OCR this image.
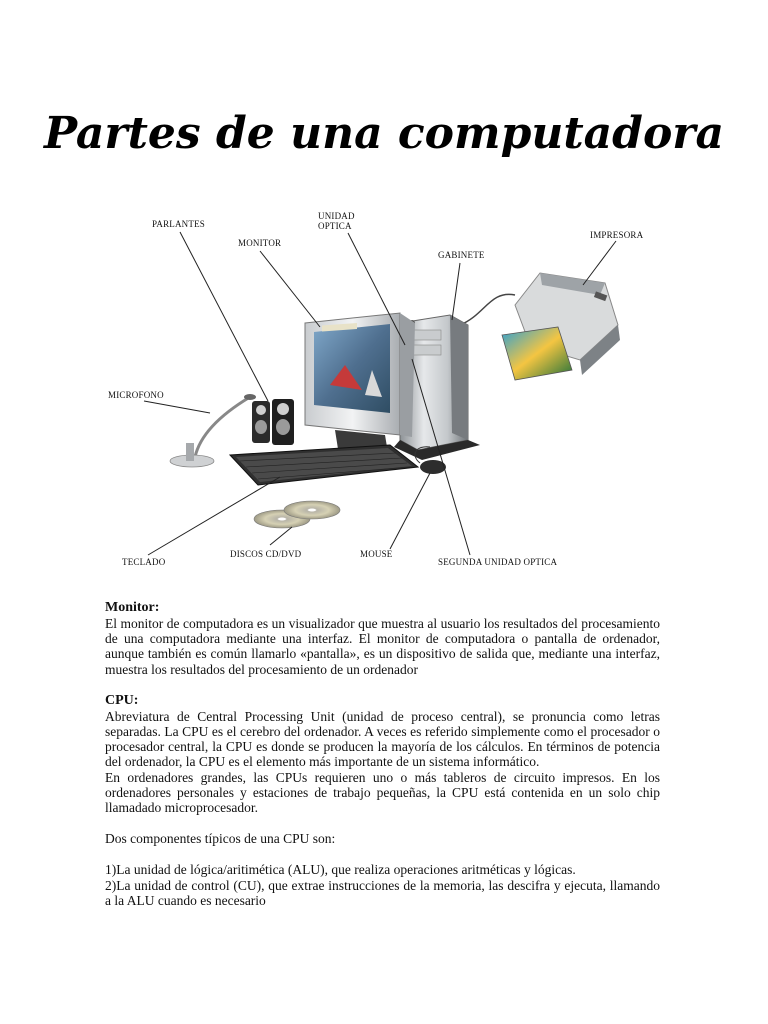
Partes de una computadora
PARLANTES
UNIDAD OPTICA
MONITOR
GABINETE
IMPRESORA
MICROFONO
TECLADO
DISCOS CD/DVD	MOUSE
SEGUNDA UNIDAD OPTICA
Monitor:

El monitor de computadora es un visualizador que muestra al usuario los resultados del procesamiento de una computadora mediante una interfaz. El monitor de computadora o pantalla de ordenador, aunque también es común llamarlo «pantalla», es un dispositivo de salida que, mediante una interfaz, muestra los resultados del procesamiento de un ordenador

CPU:

Abreviatura de Central Processing Unit (unidad de proceso central), se pronuncia como letras separadas. La CPU es el cerebro del ordenador. A veces es referido simplemente como el procesador o procesador central, la CPU es donde se producen la mayoría de los cálculos. En términos de potencia del ordenador, la CPU es el elemento más importante de un sistema informático.

En ordenadores grandes, las CPUs requieren uno o más tableros de circuito impresos. En los ordenadores personales y estaciones de trabajo pequeñas, la CPU está contenida en un solo chip llamadado microprocesador.

Dos componentes típicos de una CPU son:

1)La unidad de lógica/aritimética (ALU), que realiza operaciones aritméticas y lógicas.

2)La unidad de control (CU), que extrae instrucciones de la memoria, las descifra y ejecuta, llamando a la ALU cuando es necesario
